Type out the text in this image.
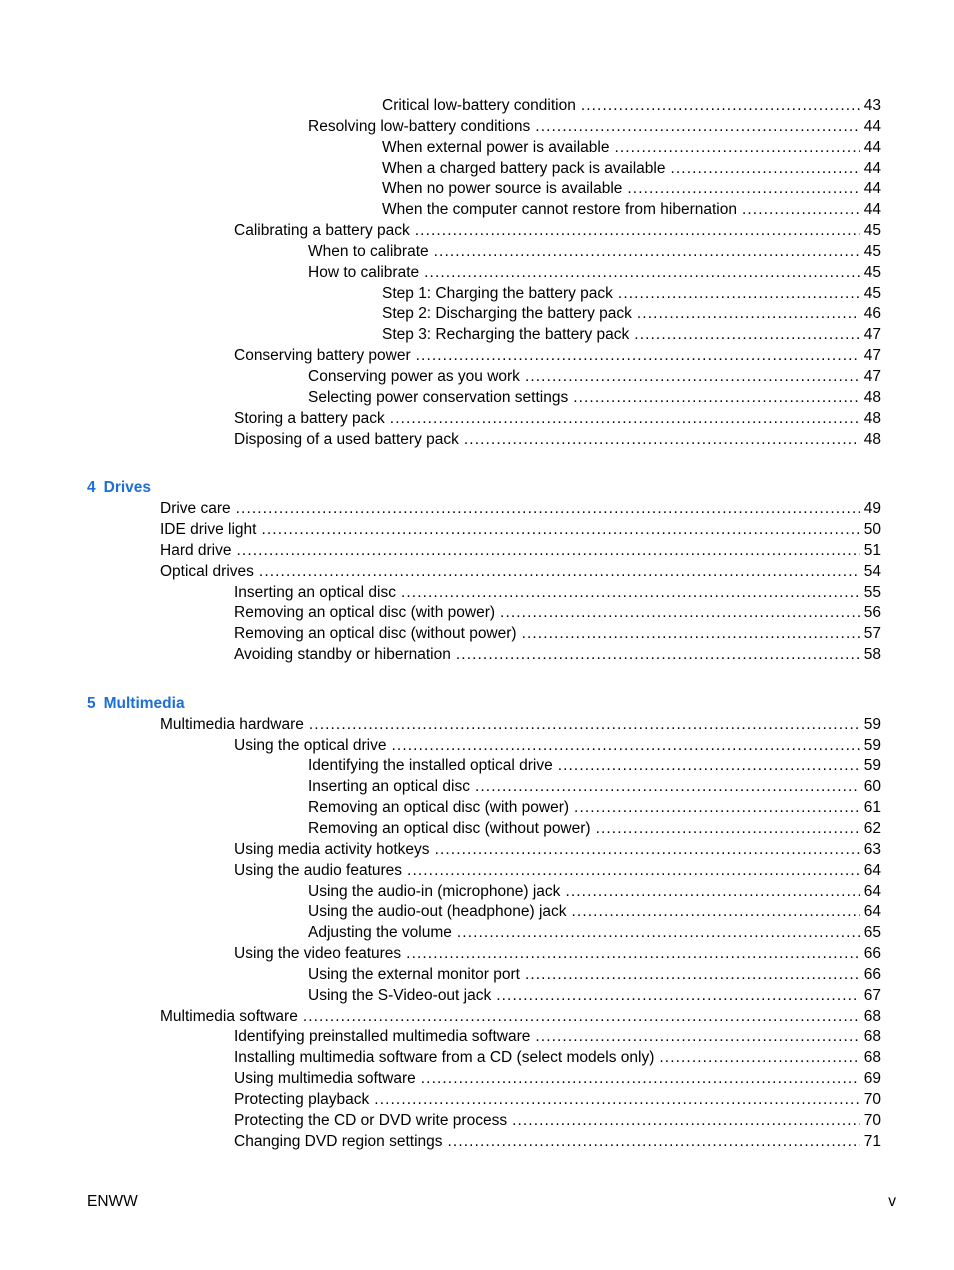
Critical low-battery condition .....	43
Resolving low-battery conditions .....	44
When external power is available .....	44
When a charged battery pack is available .....	44
When no power source is available .....	44
When the computer cannot restore from hibernation .....	44
Calibrating a battery pack .....	45
When to calibrate .....	45
How to calibrate .....	45
Step 1: Charging the battery pack .....	45
Step 2: Discharging the battery pack .....	46
Step 3: Recharging the battery pack .....	47
Conserving battery power .....	47
Conserving power as you work .....	47
Selecting power conservation settings .....	48
Storing a battery pack .....	48
Disposing of a used battery pack .....	48
4 Drives
Drive care .....	49
IDE drive light .....	50
Hard drive .....	51
Optical drives .....	54
Inserting an optical disc .....	55
Removing an optical disc (with power) .....	56
Removing an optical disc (without power) .....	57
Avoiding standby or hibernation .....	58
5 Multimedia
Multimedia hardware .....	59
Using the optical drive .....	59
Identifying the installed optical drive .....	59
Inserting an optical disc .....	60
Removing an optical disc (with power) .....	61
Removing an optical disc (without power) .....	62
Using media activity hotkeys .....	63
Using the audio features .....	64
Using the audio-in (microphone) jack .....	64
Using the audio-out (headphone) jack .....	64
Adjusting the volume .....	65
Using the video features .....	66
Using the external monitor port .....	66
Using the S-Video-out jack .....	67
Multimedia software .....	68
Identifying preinstalled multimedia software .....	68
Installing multimedia software from a CD (select models only) .....	68
Using multimedia software .....	69
Protecting playback .....	70
Protecting the CD or DVD write process .....	70
Changing DVD region settings .....	71
ENWW	v
